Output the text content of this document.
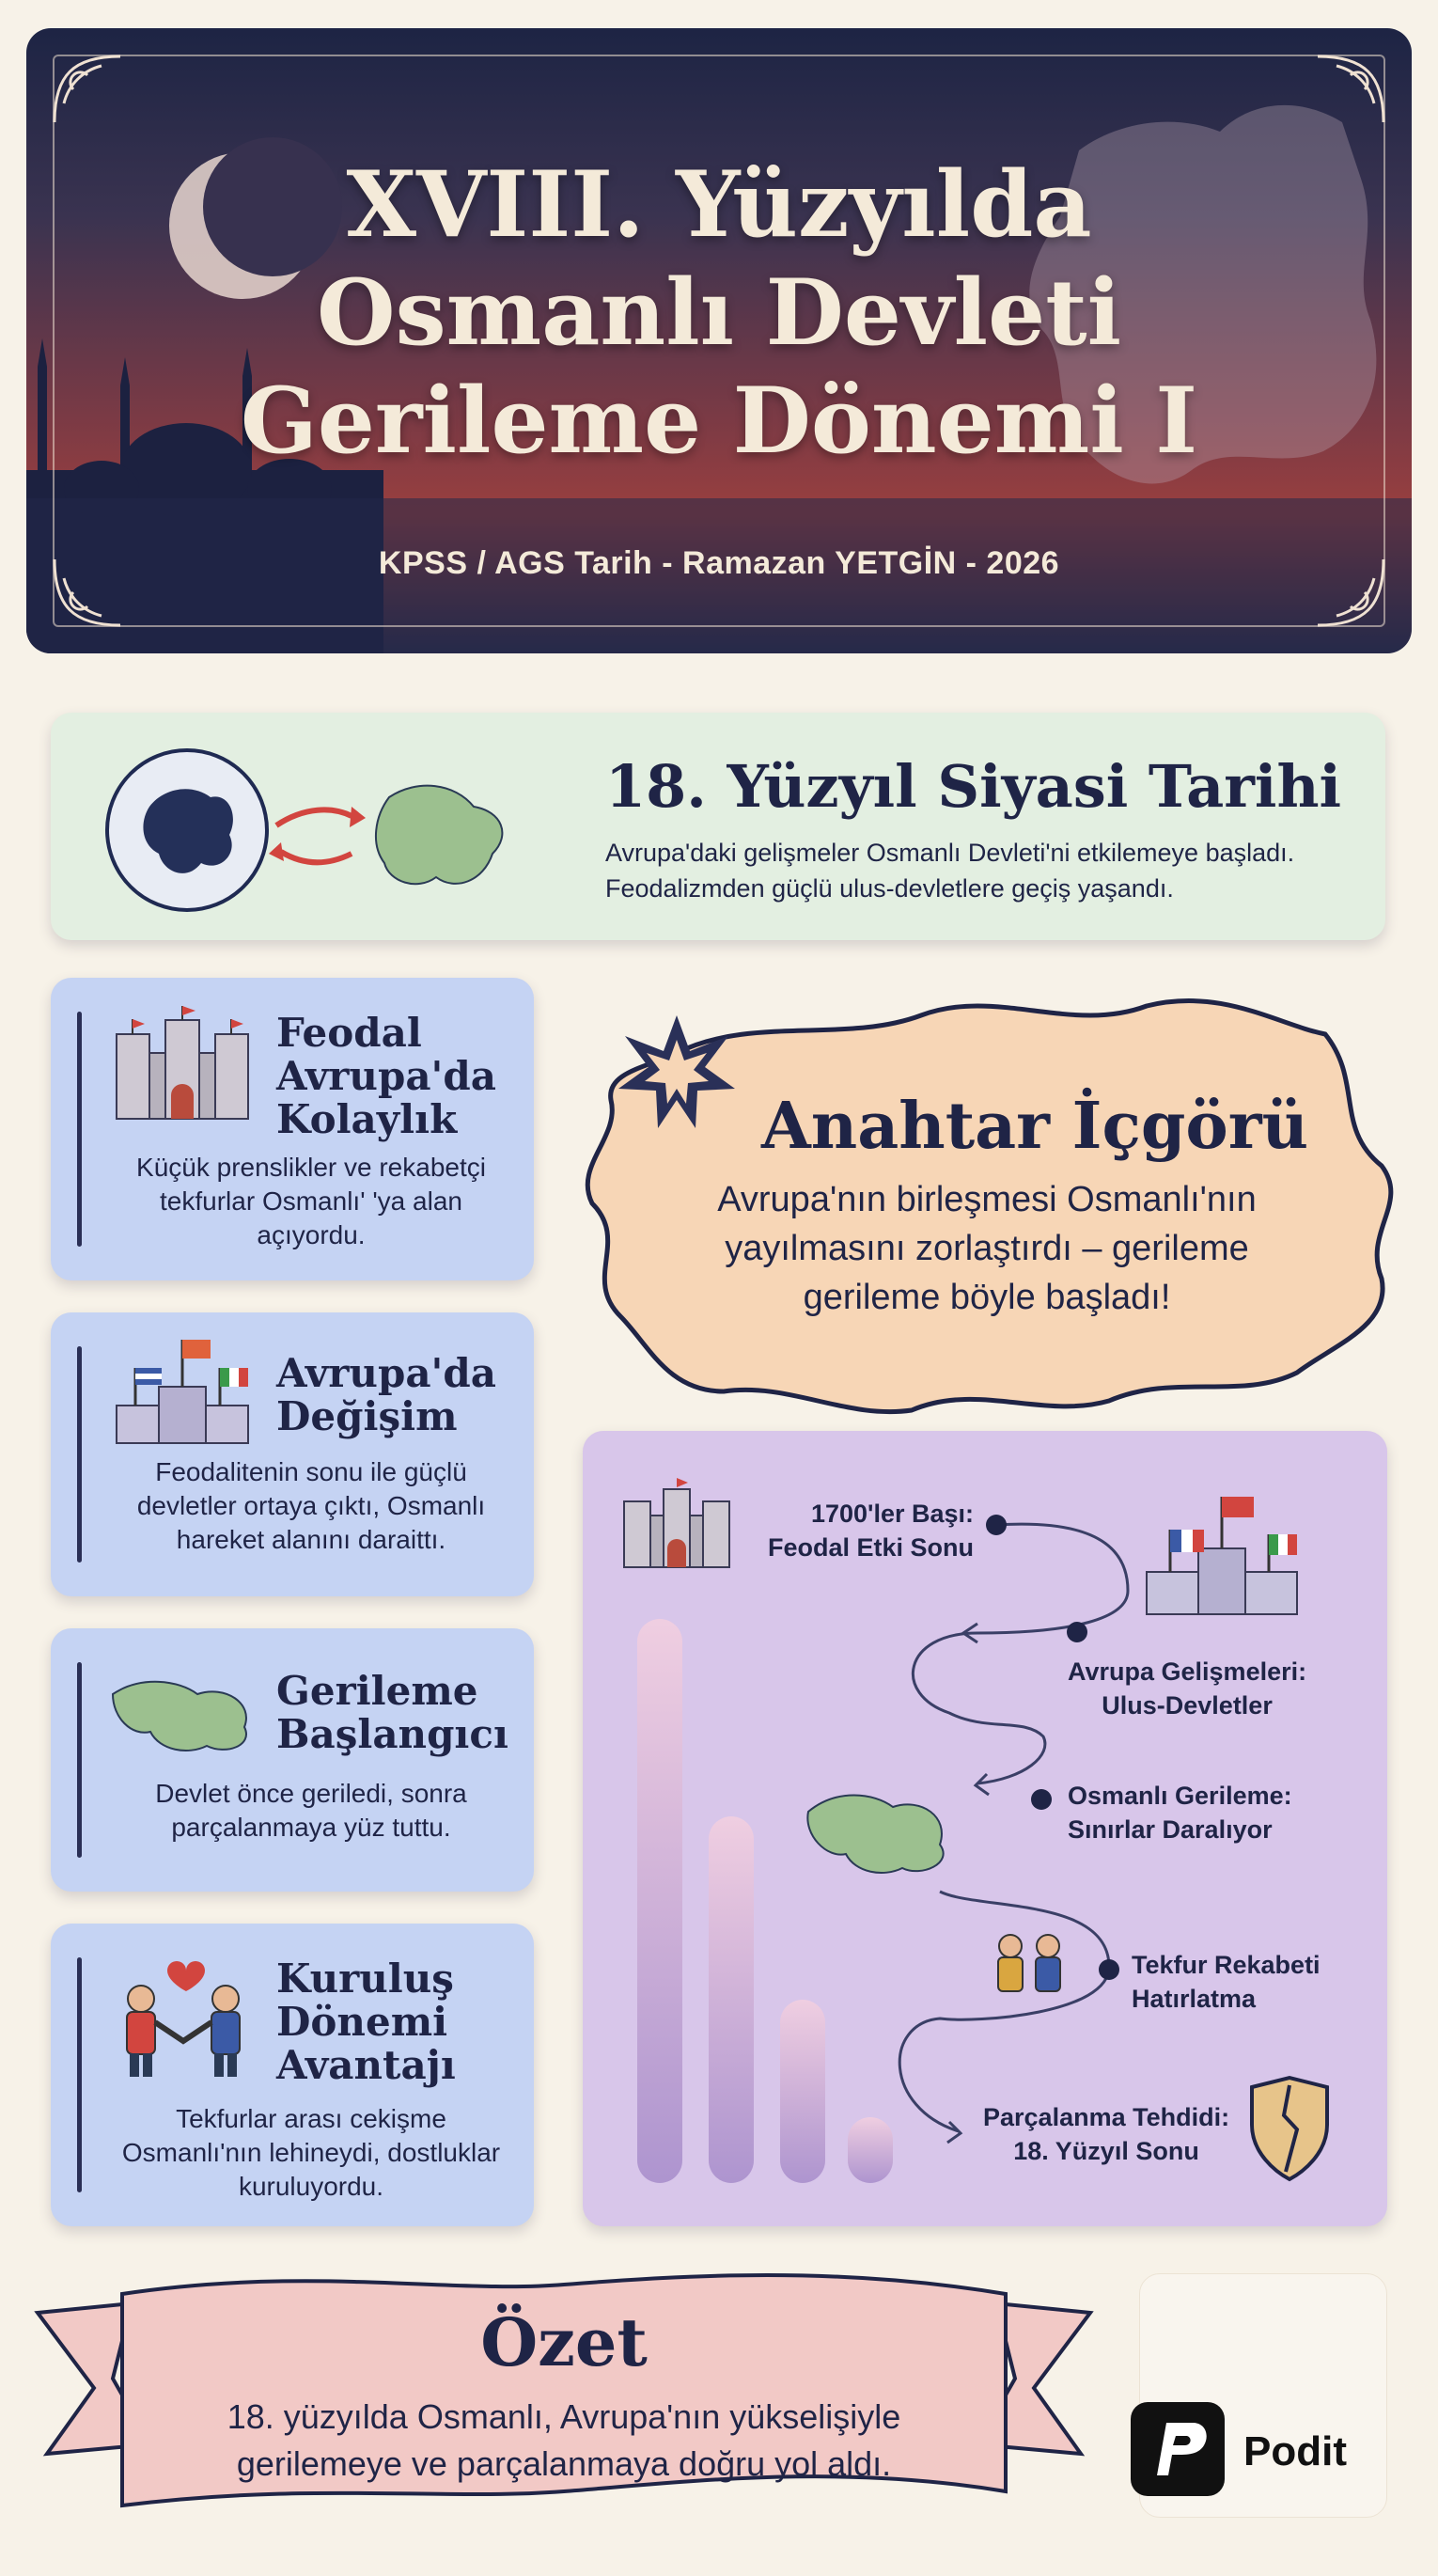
XVIII. Yüzyılda
Osmanlı Devleti
Gerileme Dönemi I
KPSS / AGS Tarih - Ramazan YETGİN - 2026
18. Yüzyıl Siyasi Tarihi
Avrupa'daki gelişmeler Osmanlı Devleti'ni etkilemeye başladı. Feodalizmden güçlü ulus-devletlere geçiş yaşandı.
Feodal
Avrupa'da
Kolaylık
Küçük prenslikler ve rekabetçi tekfurlar Osmanlı' 'ya alan açıyordu.
Avrupa'da
Değişim
Feodalitenin sonu ile güçlü devletler ortaya çıktı, Osmanlı hareket alanını daraittı.
Gerileme
Başlangıcı
Devlet önce geriledi, sonra parçalanmaya yüz tuttu.
Kuruluş
Dönemi
Avantajı
Tekfurlar arası cekişme Osmanlı'nın lehineydi, dostluklar kuruluyordu.
Anahtar İçgörü
Avrupa'nın birleşmesi Osmanlı'nın yayılmasını zorlaştırdı – gerileme gerileme böyle başladı!
1700'ler Başı:
Feodal Etki Sonu
Avrupa Gelişmeleri:
Ulus-Devletler
Osmanlı Gerileme:
Sınırlar Daralıyor
Tekfur Rekabeti
Hatırlatma
Parçalanma Tehdidi:
18. Yüzyıl Sonu
Özet
18. yüzyılda Osmanlı, Avrupa'nın yükselişiyle gerilemeye ve parçalanmaya doğru yol aldı.	Podit
